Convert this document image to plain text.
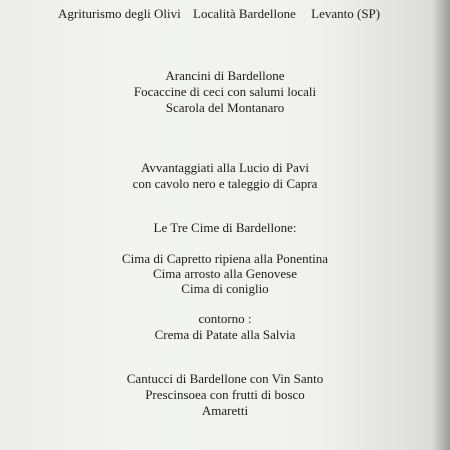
Agriturismo degli Olivi Località Bardellone Levanto (SP)
Arancini di Bardellone
Focaccine di ceci con salumi locali
Scarola del Montanaro
Avvantaggiati alla Lucio di Pavi
con cavolo nero e taleggio di Capra
Le Tre Cime di Bardellone:
Cima di Capretto ripiena alla Ponentina
Cima arrosto alla Genovese
Cima di coniglio
contorno :
Crema di Patate alla Salvia
Cantucci di Bardellone con Vin Santo
Prescinsoea con frutti di bosco
Amaretti
